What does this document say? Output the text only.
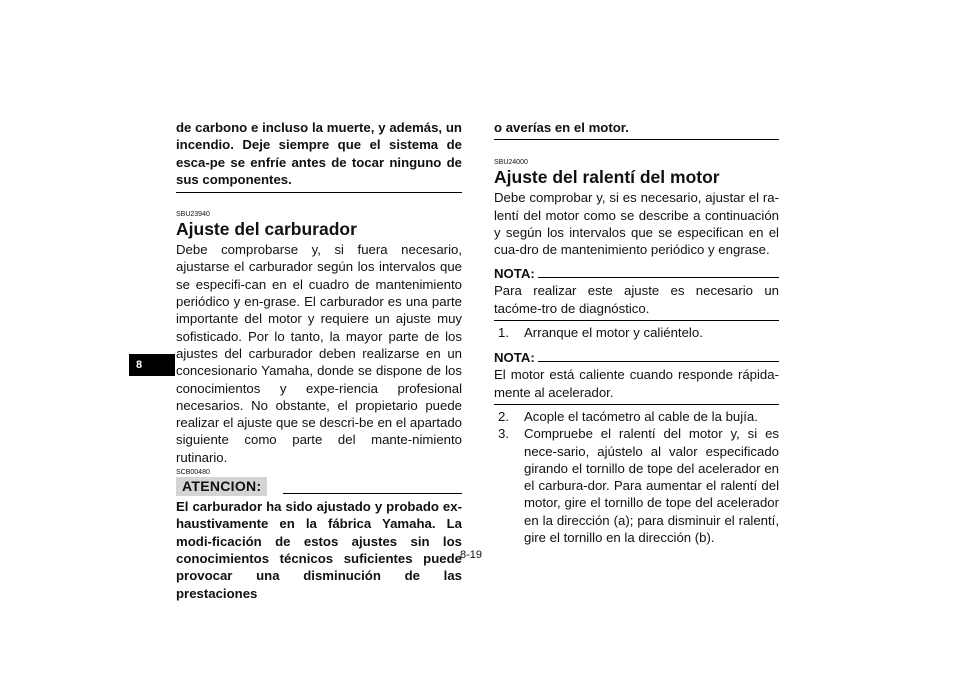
8

de carbono e incluso la muerte, y además, un incendio. Deje siempre que el sistema de esca-pe se enfríe antes de tocar ninguno de sus componentes.

SBU23940

Ajuste del carburador

Debe comprobarse y, si fuera necesario, ajustarse el carburador según los intervalos que se especifi-can en el cuadro de mantenimiento periódico y en-grase. El carburador es una parte importante del motor y requiere un ajuste muy sofisticado. Por lo tanto, la mayor parte de los ajustes del carburador deben realizarse en un concesionario Yamaha, donde se dispone de los conocimientos y expe-riencia profesional necesarios. No obstante, el propietario puede realizar el ajuste que se descri-be en el apartado siguiente como parte del mante-nimiento rutinario.

SCB00480

ATENCION:

El carburador ha sido ajustado y probado ex-haustivamente en la fábrica Yamaha. La modi-ficación de estos ajustes sin los conocimientos técnicos suficientes puede provocar una disminución de las prestaciones

o averías en el motor.

SBU24000

Ajuste del ralentí del motor

Debe comprobar y, si es necesario, ajustar el ra-lentí del motor como se describe a continuación y según los intervalos que se especifican en el cua-dro de mantenimiento periódico y engrase.

NOTA:

Para realizar este ajuste es necesario un tacóme-tro de diagnóstico.

1.	Arranque el motor y caliéntelo.
NOTA:

El motor está caliente cuando responde rápida-mente al acelerador.

2.	Acople el tacómetro al cable de la bujía.
3.	Compruebe el ralentí del motor y, si es nece-sario, ajústelo al valor especificado girando el tornillo de tope del acelerador en el carbura-dor. Para aumentar el ralentí del motor, gire el tornillo de tope del acelerador en la dirección (a); para disminuir el ralentí, gire el tornillo en la dirección (b).
8-19
